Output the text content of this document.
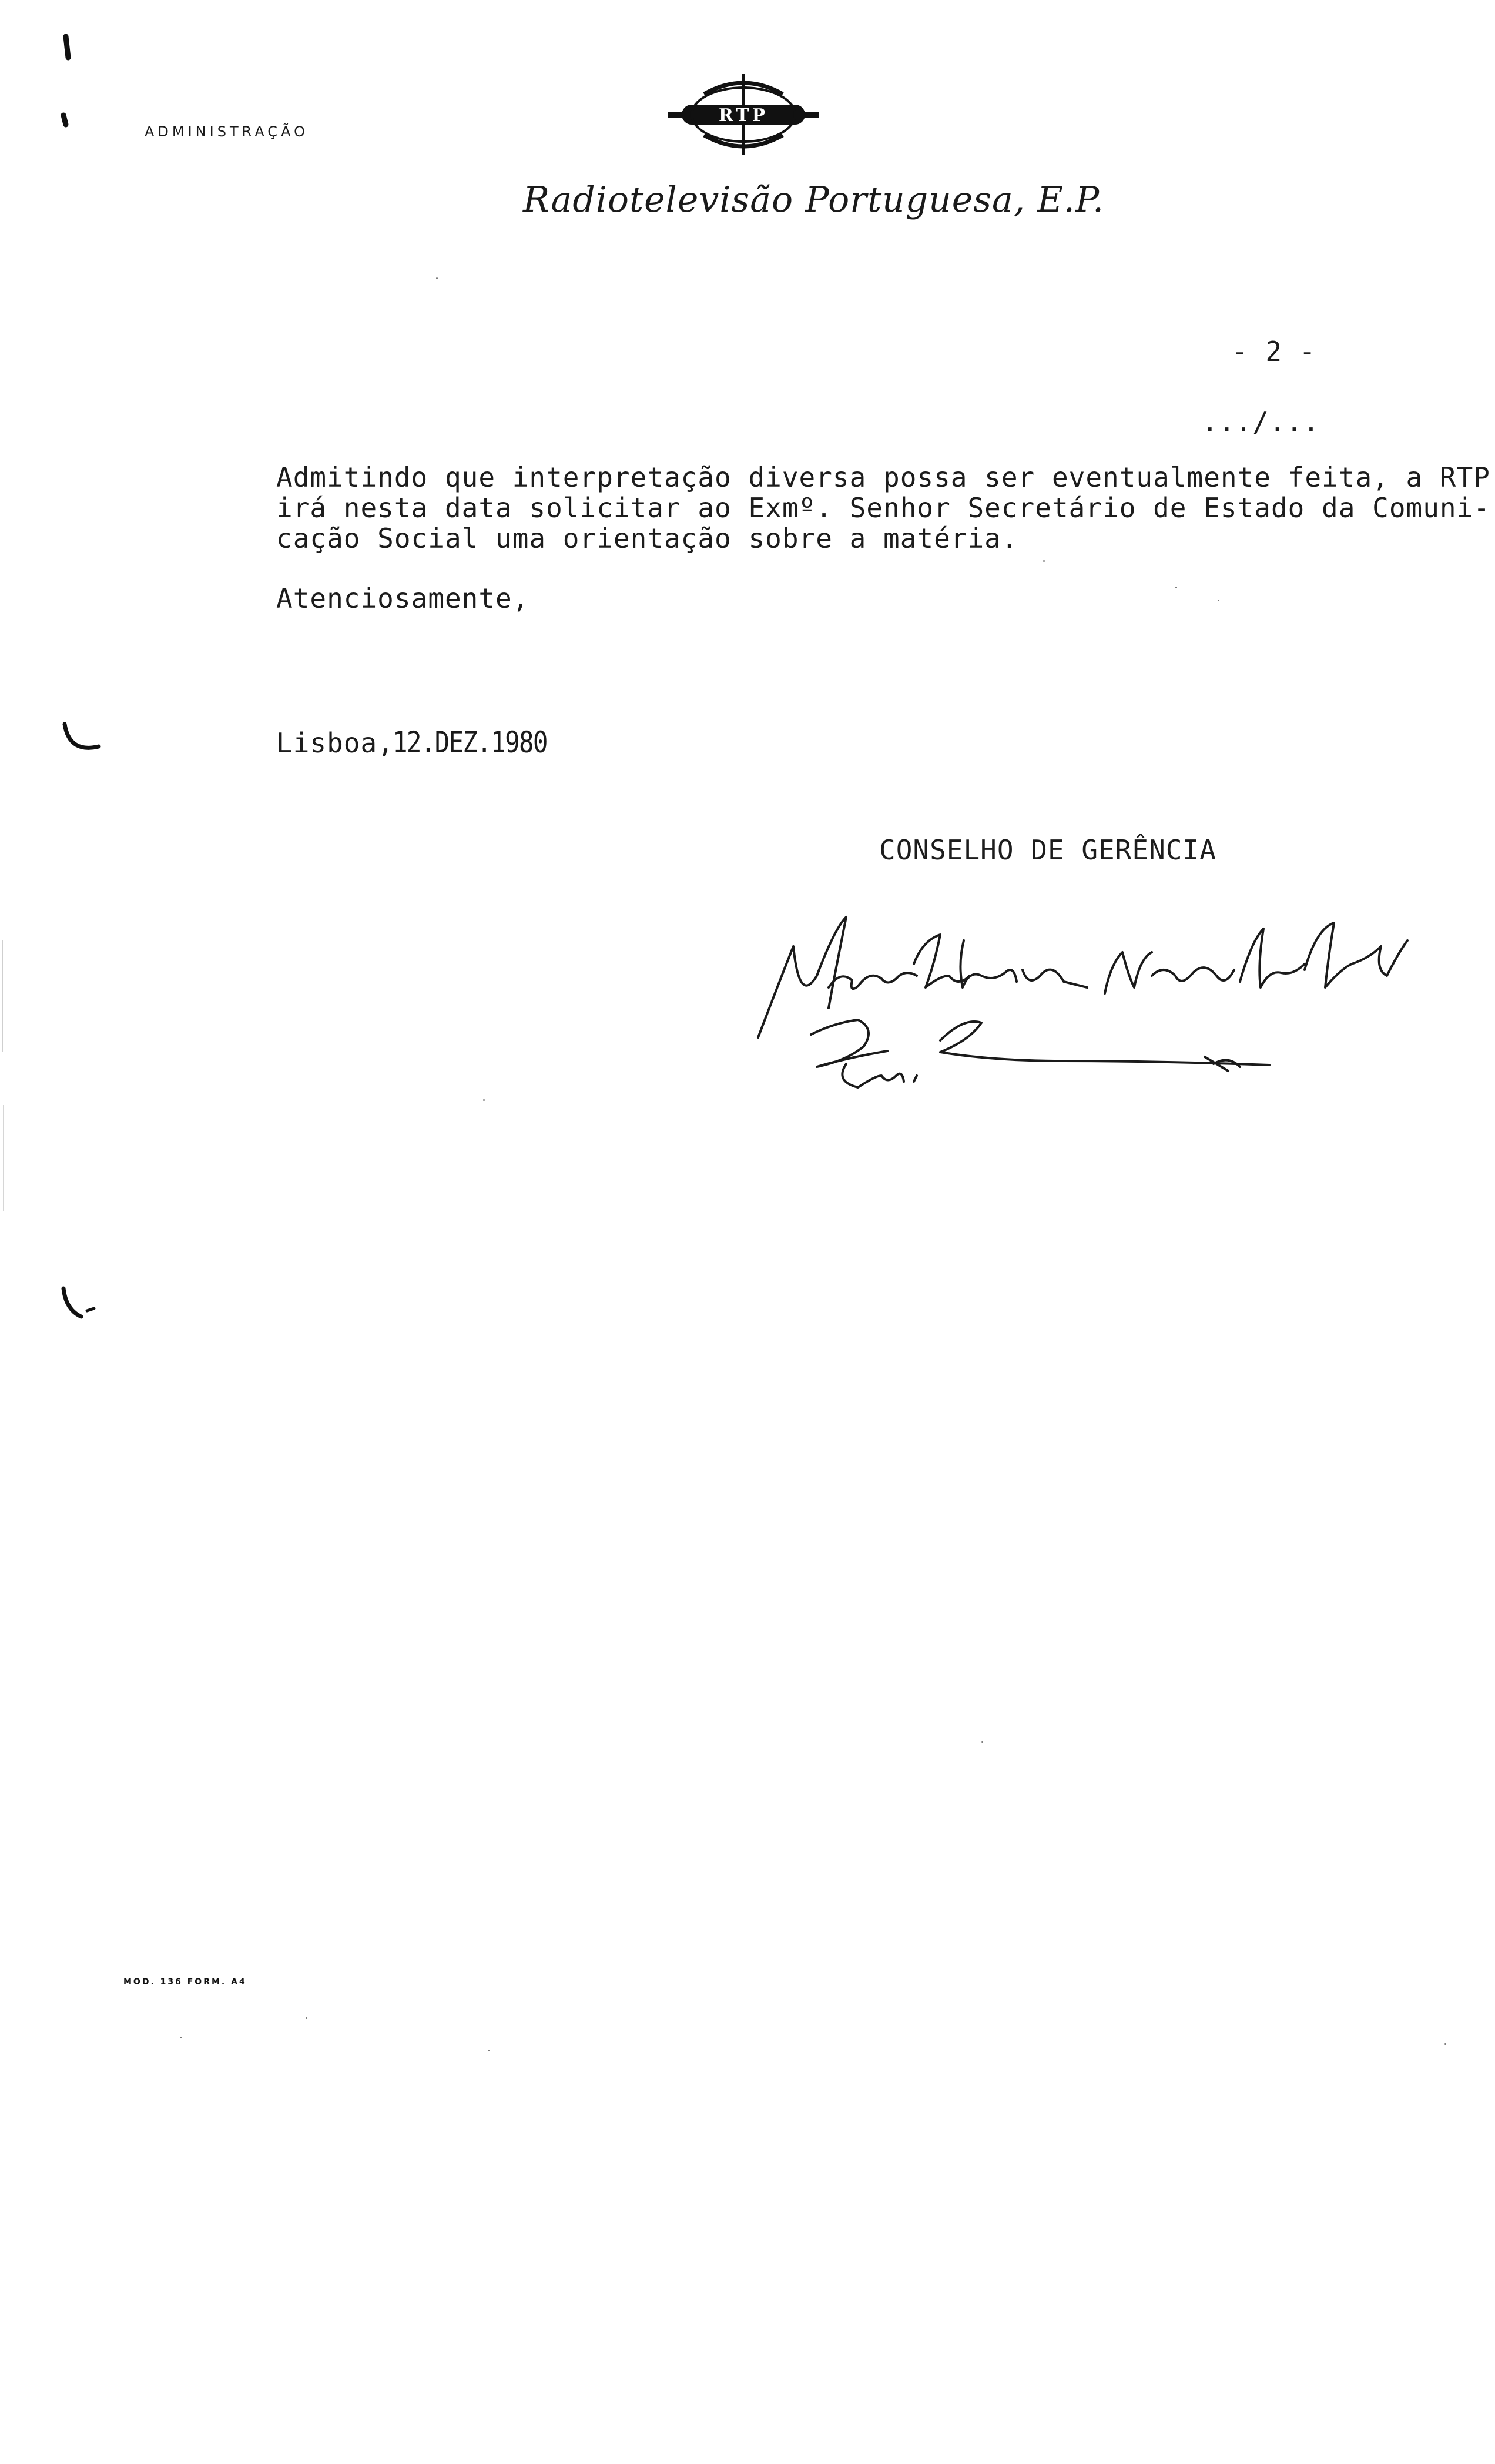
ADMINISTRAÇÃO
RTP
Radiotelevisão Portuguesa, E.P.
- 2 -
.../...

Admitindo que interpretação diversa possa ser eventualmente feita, a RTP

irá nesta data solicitar ao Exmº. Senhor Secretário de Estado da Comuni-

cação Social uma orientação sobre a matéria.

Atenciosamente,
Lisboa,
12.DEZ.1980
CONSELHO DE GERÊNCIA
MOD. 136 FORM. A4
